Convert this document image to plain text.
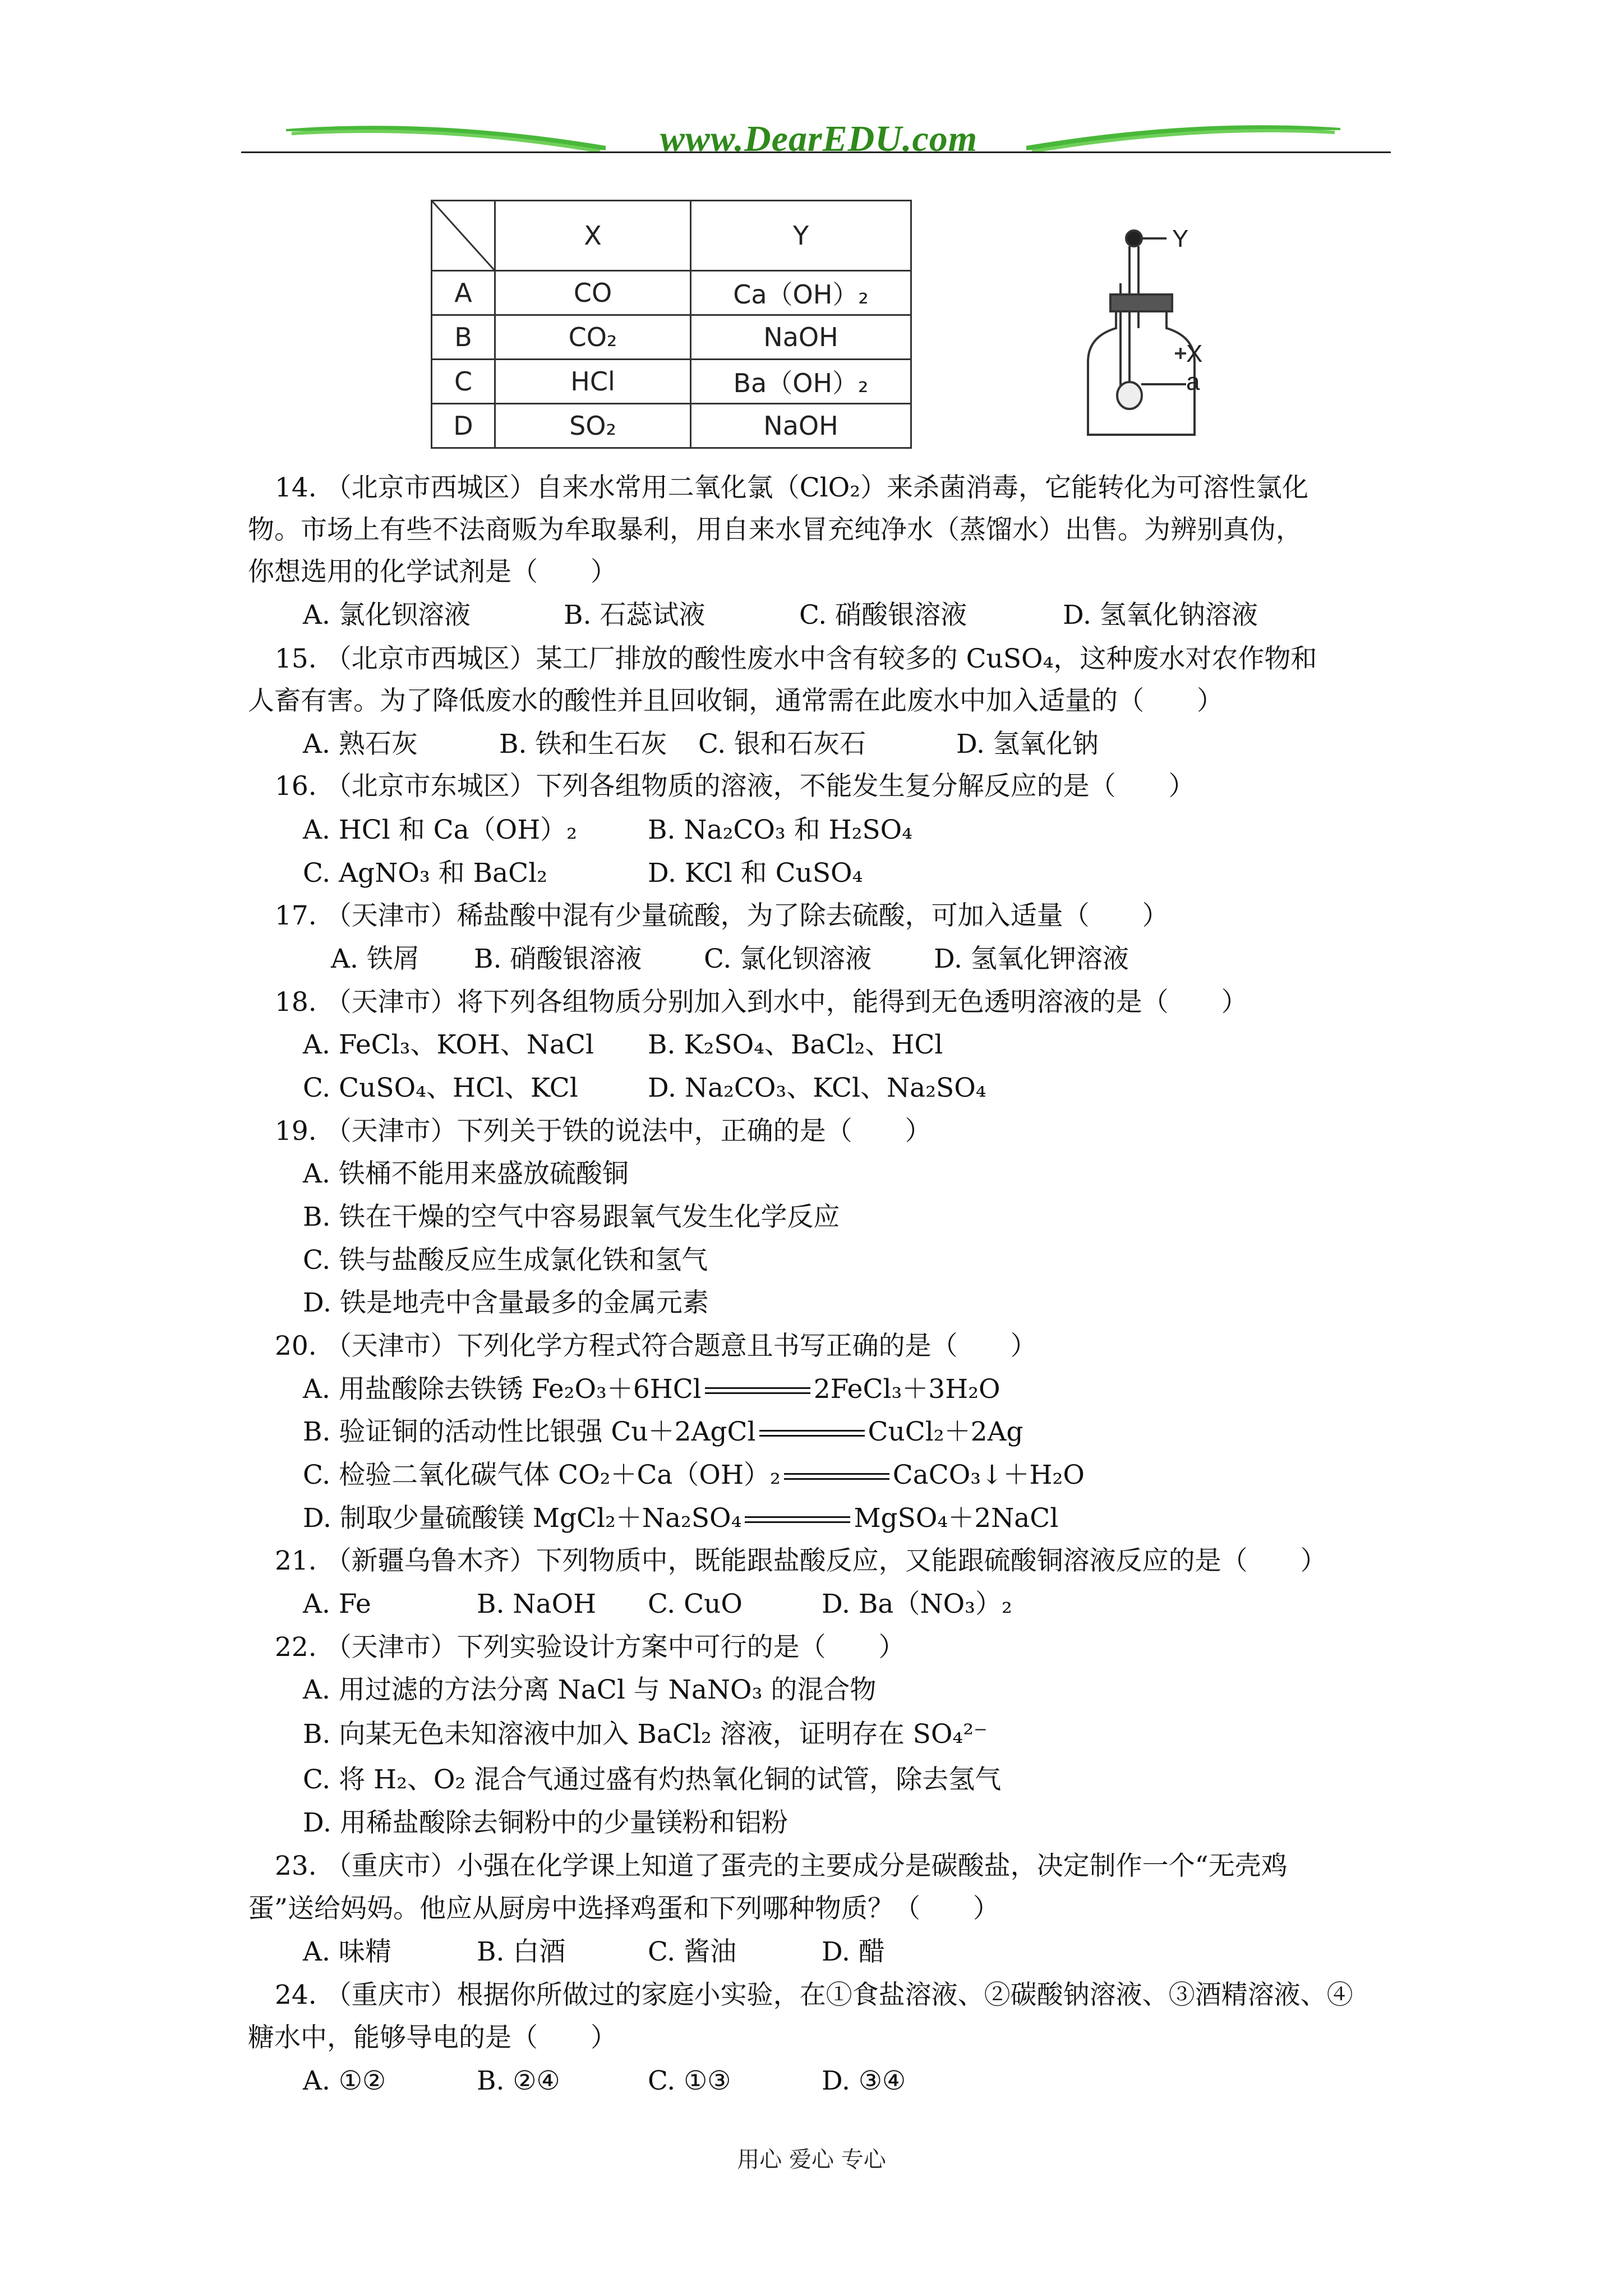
www.DearEDU.com
	X	Y
A	CO	Ca（OH）₂
B	CO₂	NaOH
C	HCl	Ba（OH）₂
D	SO₂	NaOH
Y
X
a
14. （北京市西城区）自来水常用二氧化氯（ClO₂）来杀菌消毒，它能转化为可溶性氯化
物。市场上有些不法商贩为牟取暴利，用自来水冒充纯净水（蒸馏水）出售。为辨别真伪，
你想选用的化学试剂是（　　）
A. 氯化钡溶液	B. 石蕊试液	C. 硝酸银溶液	D. 氢氧化钠溶液
15. （北京市西城区）某工厂排放的酸性废水中含有较多的 CuSO₄，这种废水对农作物和
人畜有害。为了降低废水的酸性并且回收铜，通常需在此废水中加入适量的（　　）
A. 熟石灰	B. 铁和生石灰 C. 银和石灰石	D. 氢氧化钠
16. （北京市东城区）下列各组物质的溶液，不能发生复分解反应的是（　　）
A. HCl 和 Ca（OH）₂	B. Na₂CO₃ 和 H₂SO₄
C. AgNO₃ 和 BaCl₂	D. KCl 和 CuSO₄
17. （天津市）稀盐酸中混有少量硫酸，为了除去硫酸，可加入适量（　　）
A. 铁屑 B. 硝酸银溶液 C. 氯化钡溶液 D. 氢氧化钾溶液
18. （天津市）将下列各组物质分别加入到水中，能得到无色透明溶液的是（　　）
A. FeCl₃、KOH、NaCl B. K₂SO₄、BaCl₂、HCl
C. CuSO₄、HCl、KCl	D. Na₂CO₃、KCl、Na₂SO₄
19. （天津市）下列关于铁的说法中，正确的是（　　）
A. 铁桶不能用来盛放硫酸铜
B. 铁在干燥的空气中容易跟氧气发生化学反应
C. 铁与盐酸反应生成氯化铁和氢气
D. 铁是地壳中含量最多的金属元素
20. （天津市）下列化学方程式符合题意且书写正确的是（　　）
A. 用盐酸除去铁锈 Fe₂O₃＋6HCl	2FeCl₃＋3H₂O
B. 验证铜的活动性比银强 Cu＋2AgCl	CuCl₂＋2Ag
C. 检验二氧化碳气体 CO₂＋Ca（OH）₂	CaCO₃↓＋H₂O
D. 制取少量硫酸镁 MgCl₂＋Na₂SO₄	MgSO₄＋2NaCl
21. （新疆乌鲁木齐）下列物质中，既能跟盐酸反应，又能跟硫酸铜溶液反应的是（　　）
A. Fe	B. NaOH C. CuO	D. Ba（NO₃）₂
22. （天津市）下列实验设计方案中可行的是（　　）
A. 用过滤的方法分离 NaCl 与 NaNO₃ 的混合物
B. 向某无色未知溶液中加入 BaCl₂ 溶液，证明存在 SO₄²⁻
C. 将 H₂、O₂ 混合气通过盛有灼热氧化铜的试管，除去氢气
D. 用稀盐酸除去铜粉中的少量镁粉和铝粉
23. （重庆市）小强在化学课上知道了蛋壳的主要成分是碳酸盐，决定制作一个“无壳鸡
蛋”送给妈妈。他应从厨房中选择鸡蛋和下列哪种物质？（　　）
A. 味精	B. 白酒	C. 酱油	D. 醋
24. （重庆市）根据你所做过的家庭小实验，在①食盐溶液、②碳酸钠溶液、③酒精溶液、④
糖水中，能够导电的是（　　）
A. ①②	B. ②④	C. ①③	D. ③④
用心 爱心 专心
